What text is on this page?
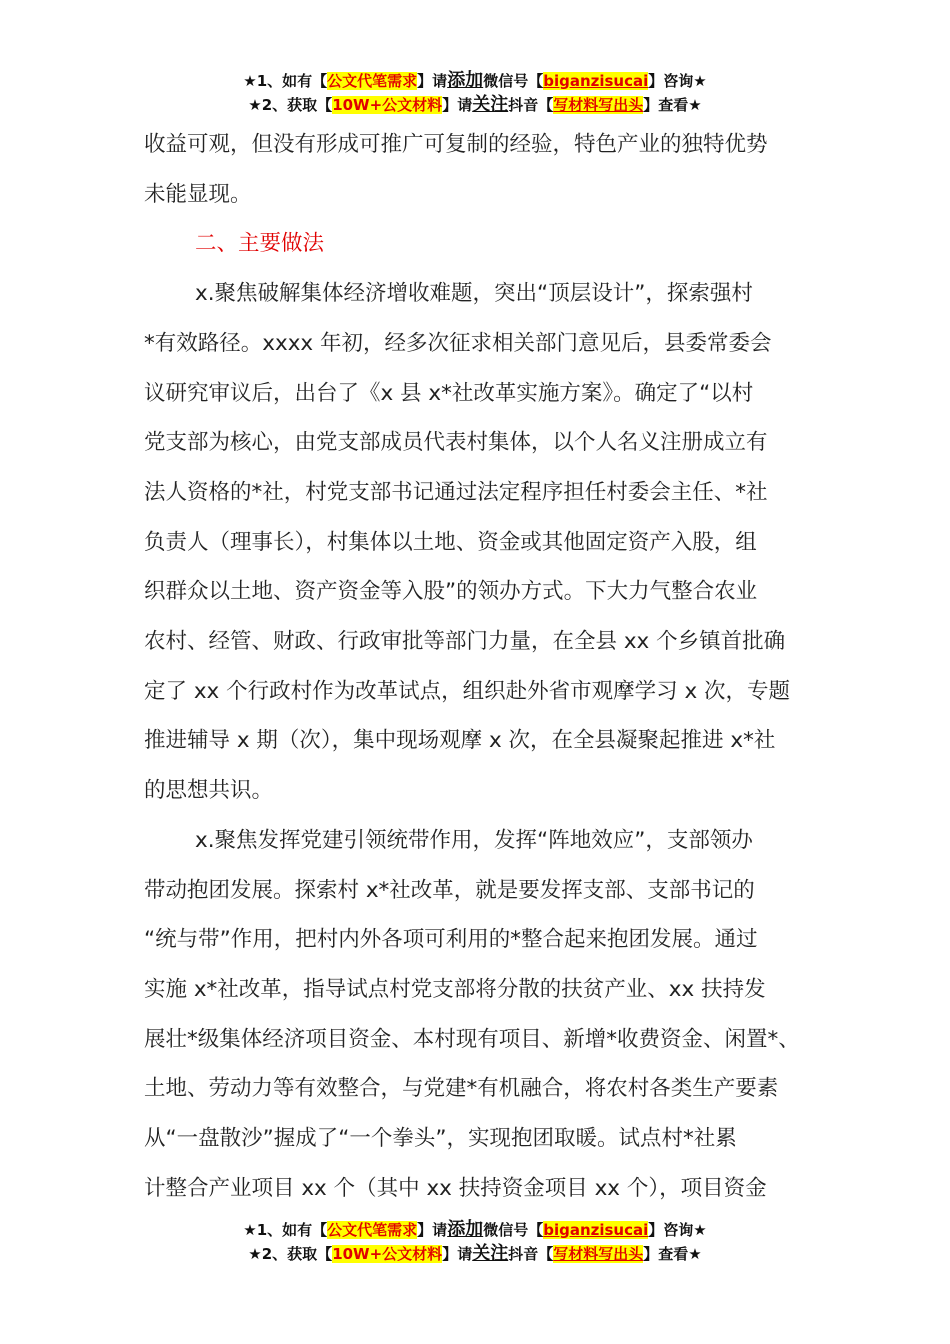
★1、如有【公文代笔需求】请添加微信号【biganzisucai】咨询★
★2、获取【10W+公文材料】请关注抖音【写材料写出头】查看★
收益可观，但没有形成可推广可复制的经验，特色产业的独特优势
未能显现。
二、主要做法
x.聚焦破解集体经济增收难题，突出“顶层设计”，探索强村
*有效路径。xxxx 年初，经多次征求相关部门意见后，县委常委会
议研究审议后，出台了《x 县 x*社改革实施方案》。确定了“以村
党支部为核心，由党支部成员代表村集体，以个人名义注册成立有
法人资格的*社，村党支部书记通过法定程序担任村委会主任、*社
负责人（理事长），村集体以土地、资金或其他固定资产入股，组
织群众以土地、资产资金等入股”的领办方式。下大力气整合农业
农村、经管、财政、行政审批等部门力量，在全县 xx 个乡镇首批确
定了 xx 个行政村作为改革试点，组织赴外省市观摩学习 x 次，专题
推进辅导 x 期（次），集中现场观摩 x 次，在全县凝聚起推进 x*社
的思想共识。
x.聚焦发挥党建引领统带作用，发挥“阵地效应”，支部领办
带动抱团发展。探索村 x*社改革，就是要发挥支部、支部书记的
“统与带”作用，把村内外各项可利用的*整合起来抱团发展。通过
实施 x*社改革，指导试点村党支部将分散的扶贫产业、xx 扶持发
展壮*级集体经济项目资金、本村现有项目、新增*收费资金、闲置*、
土地、劳动力等有效整合，与党建*有机融合，将农村各类生产要素
从“一盘散沙”握成了“一个拳头”，实现抱团取暖。试点村*社累
计整合产业项目 xx 个（其中 xx 扶持资金项目 xx 个），项目资金
★1、如有【公文代笔需求】请添加微信号【biganzisucai】咨询★
★2、获取【10W+公文材料】请关注抖音【写材料写出头】查看★
